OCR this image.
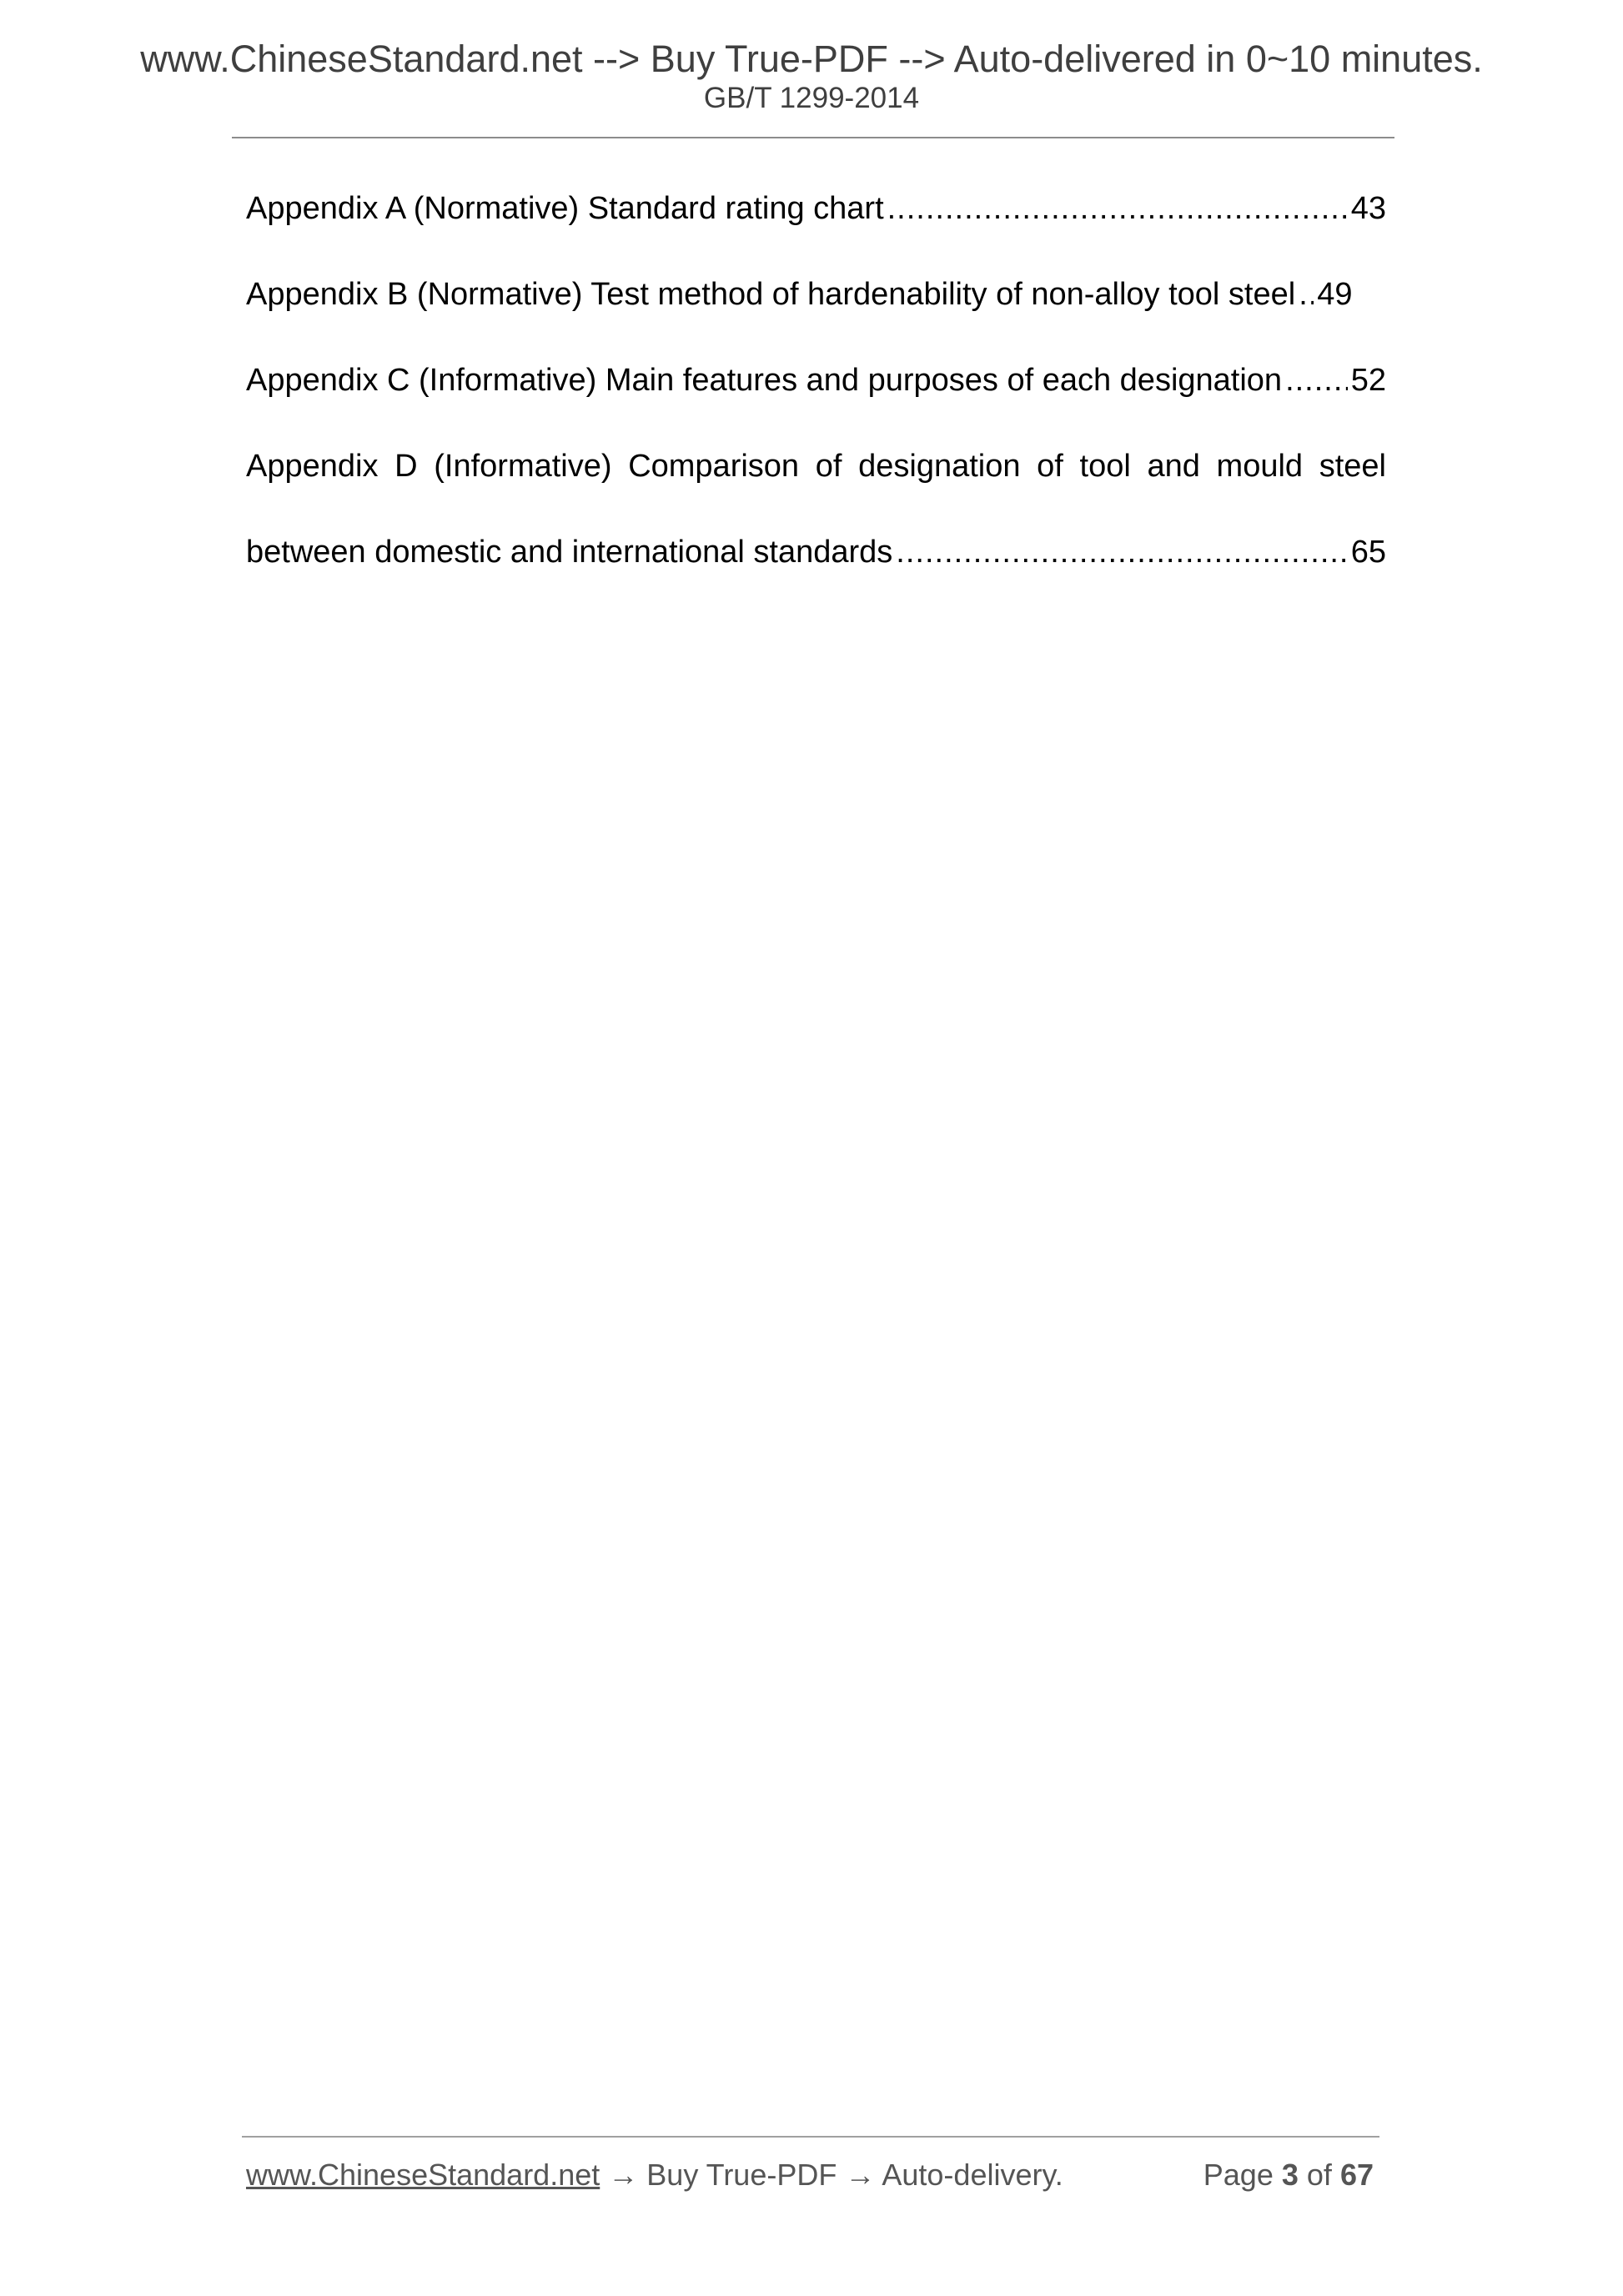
www.ChineseStandard.net --> Buy True-PDF --> Auto-delivered in 0~10 minutes.
GB/T 1299-2014
Appendix A (Normative) Standard rating chart .....	43
Appendix B (Normative) Test method of hardenability of non-alloy tool steel ..... 49
Appendix C (Informative) Main features and purposes of each designation ..... 52
Appendix D (Informative) Comparison of designation of tool and mould steel
between domestic and international standards .....	65
www.ChineseStandard.net → Buy True-PDF → Auto-delivery.	Page 3 of 67
